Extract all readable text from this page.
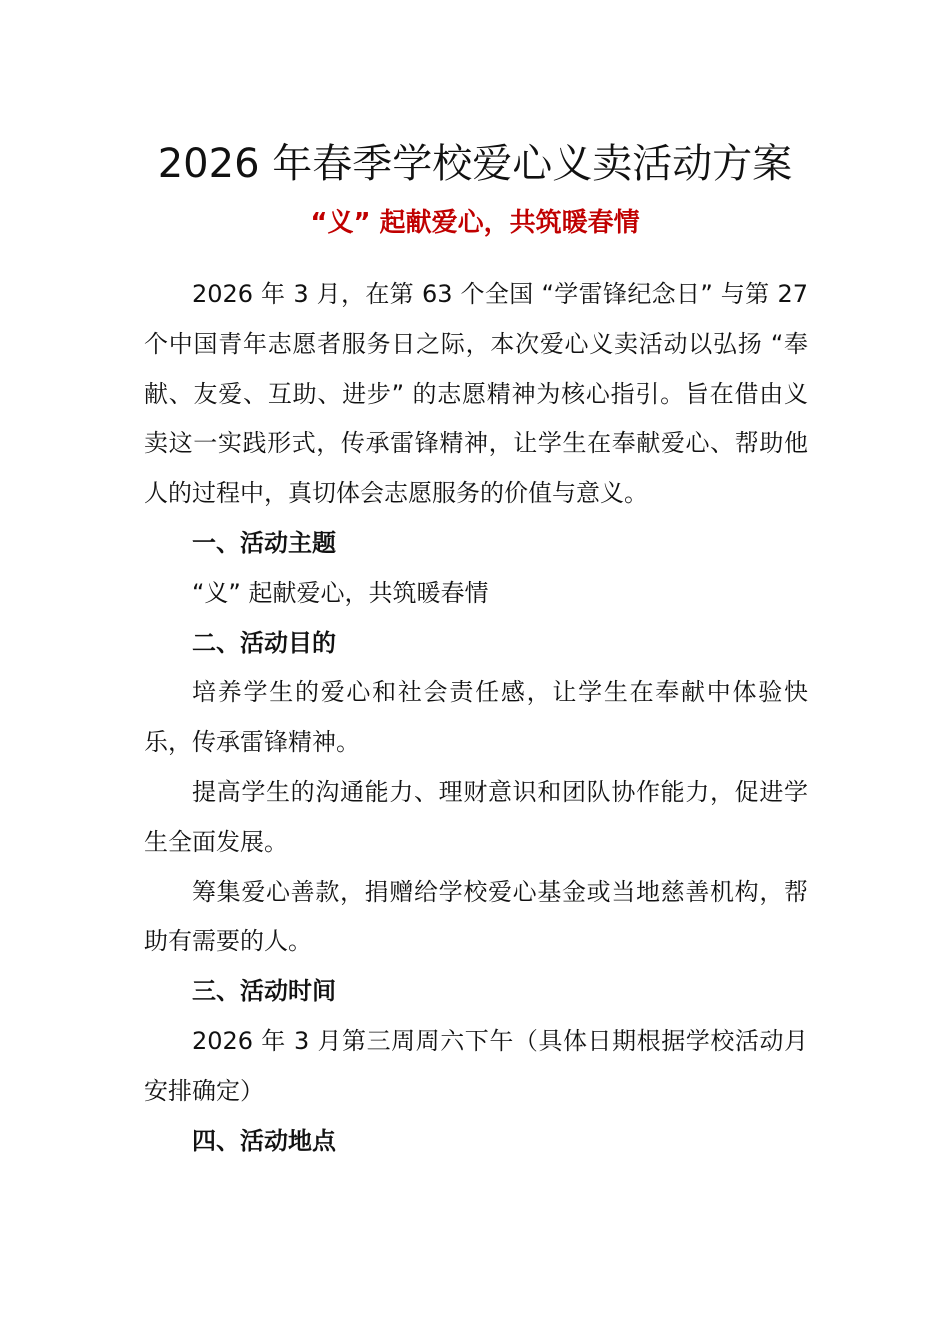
2026 年春季学校爱心义卖活动方案
“义” 起献爱心，共筑暖春情

2026 年 3 月，在第 63 个全国 “学雷锋纪念日” 与第 27 个中国青年志愿者服务日之际，本次爱心义卖活动以弘扬 “奉献、友爱、互助、进步” 的志愿精神为核心指引。旨在借由义卖这一实践形式，传承雷锋精神，让学生在奉献爱心、帮助他人的过程中，真切体会志愿服务的价值与意义。

一、活动主题

“义” 起献爱心，共筑暖春情

二、活动目的

培养学生的爱心和社会责任感，让学生在奉献中体验快乐，传承雷锋精神。

提高学生的沟通能力、理财意识和团队协作能力，促进学生全面发展。

筹集爱心善款，捐赠给学校爱心基金或当地慈善机构，帮助有需要的人。

三、活动时间

2026 年 3 月第三周周六下午（具体日期根据学校活动月安排确定）

四、活动地点
